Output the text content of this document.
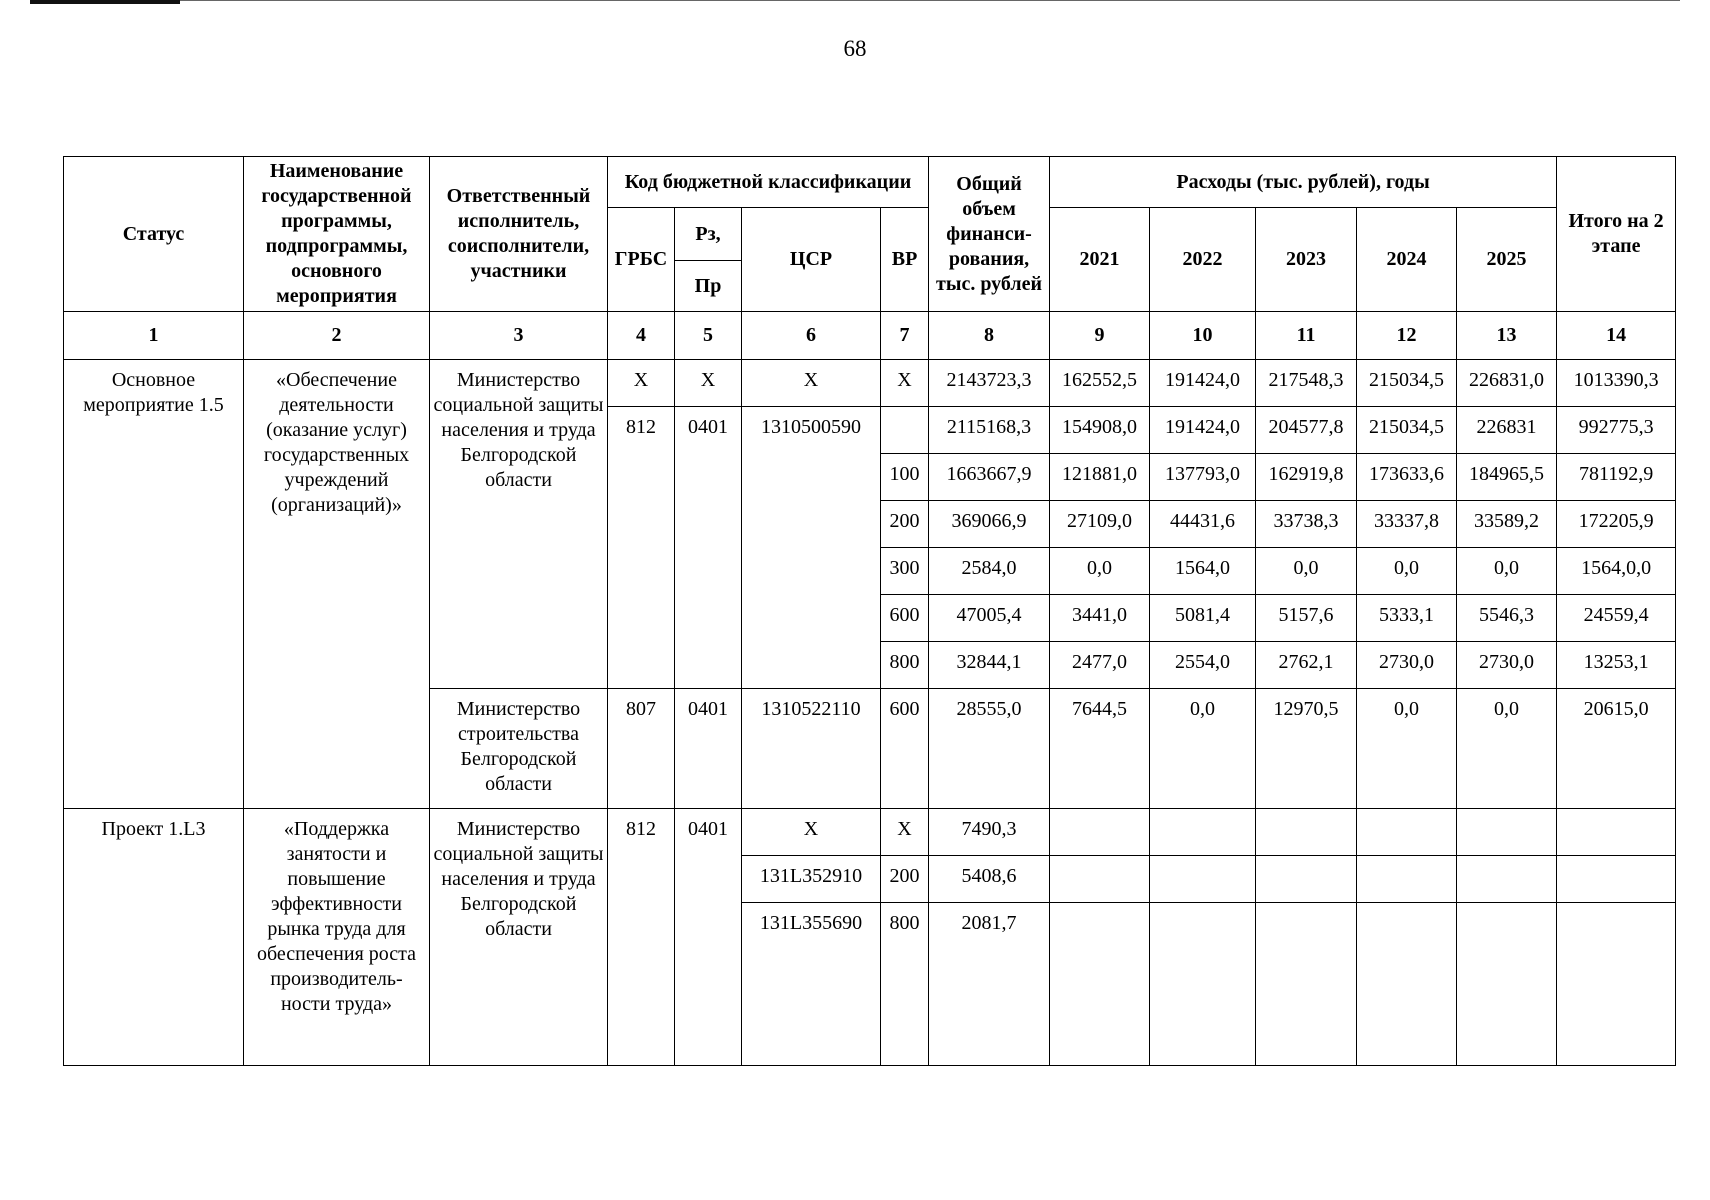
68
Статус	Наименование государственной программы, подпрограммы, основного мероприятия	Ответственный исполнитель, соисполнители, участники	Код бюджетной классификации				Общий объем финанси-рования, тыс. рублей	Расходы (тыс. рублей), годы					Итого на 2 этапе
			ГРБС	Рз,	ЦСР	ВР		2021	2022	2023	2024	2025	
				Пр									
1	2	3	4	5	6	7	8	9	10	11	12	13	14
Основное мероприятие 1.5	«Обеспечение деятельности (оказание услуг) государственных учреждений (организаций)»	Министерство социальной защиты населения и труда Белгородской области	Х	Х	Х	Х	2143723,3	162552,5	191424,0	217548,3	215034,5	226831,0	1013390,3
			812	0401	1310500590		2115168,3	154908,0	191424,0	204577,8	215034,5	226831	992775,3
						100	1663667,9	121881,0	137793,0	162919,8	173633,6	184965,5	781192,9
						200	369066,9	27109,0	44431,6	33738,3	33337,8	33589,2	172205,9
						300	2584,0	0,0	1564,0	0,0	0,0	0,0	1564,0,0
						600	47005,4	3441,0	5081,4	5157,6	5333,1	5546,3	24559,4
						800	32844,1	2477,0	2554,0	2762,1	2730,0	2730,0	13253,1
		Министерство строительства Белгородской области	807	0401	1310522110	600	28555,0	7644,5	0,0	12970,5	0,0	0,0	20615,0
Проект 1.L3	«Поддержка занятости и повышение эффективности рынка труда для обеспечения роста производитель-ности труда»	Министерство социальной защиты населения и труда Белгородской области	812	0401	Х	Х	7490,3						
					131L352910	200	5408,6						
					131L355690	800	2081,7						
